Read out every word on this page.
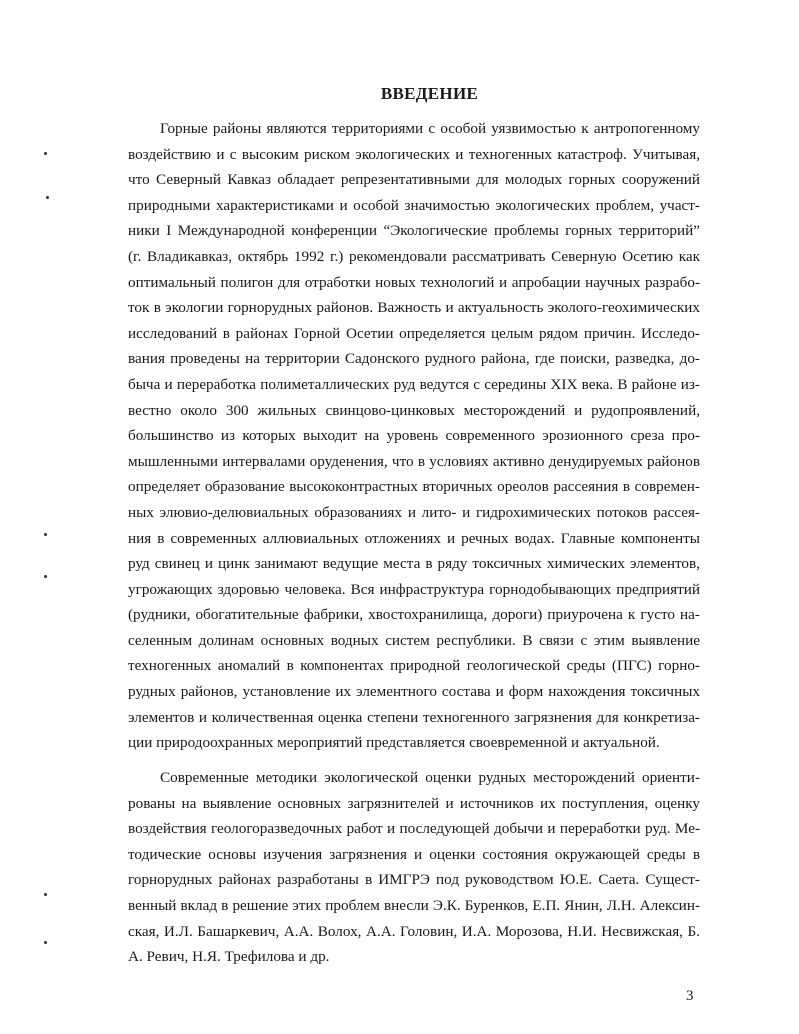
ВВЕДЕНИЕ
Горные районы являются территориями с особой уязвимостью к антропогенному
воздействию и с высоким риском экологических и техногенных катастроф. Учитывая,
что Северный Кавказ обладает репрезентативными для молодых горных сооружений
природными характеристиками и особой значимостью экологических проблем, участ-
ники I Международной конференции “Экологические проблемы горных территорий”
(г. Владикавказ, октябрь 1992 г.) рекомендовали рассматривать Северную Осетию как
оптимальный полигон для отработки новых технологий и апробации научных разрабо-
ток в экологии горнорудных районов. Важность и актуальность эколого-геохимических
исследований в районах Горной Осетии определяется целым рядом причин. Исследо-
вания проведены на территории Садонского рудного района, где поиски, разведка, до-
быча и переработка полиметаллических руд ведутся с середины XIX века. В районе из-
вестно около 300 жильных свинцово-цинковых месторождений и рудопроявлений,
большинство из которых выходит на уровень современного эрозионного среза про-
мышленными интервалами оруденения, что в условиях активно денудируемых районов
определяет образование высококонтрастных вторичных ореолов рассеяния в современ-
ных элювио-делювиальных образованиях и лито- и гидрохимических потоков рассея-
ния в современных аллювиальных отложениях и речных водах. Главные компоненты
руд свинец и цинк занимают ведущие места в ряду токсичных химических элементов,
угрожающих здоровью человека. Вся инфраструктура горнодобывающих предприятий
(рудники, обогатительные фабрики, хвостохранилища, дороги) приурочена к густо на-
селенным долинам основных водных систем республики. В связи с этим выявление
техногенных аномалий в компонентах природной геологической среды (ПГС) горно-
рудных районов, установление их элементного состава и форм нахождения токсичных
элементов и количественная оценка степени техногенного загрязнения для конкретиза-
ции природоохранных мероприятий представляется своевременной и актуальной.
Современные методики экологической оценки рудных месторождений ориенти-
рованы на выявление основных загрязнителей и источников их поступления, оценку
воздействия геологоразведочных работ и последующей добычи и переработки руд. Ме-
тодические основы изучения загрязнения и оценки состояния окружающей среды в
горнорудных районах разработаны в ИМГРЭ под руководством Ю.Е. Саета. Сущест-
венный вклад в решение этих проблем внесли Э.К. Буренков, Е.П. Янин, Л.Н. Алексин-
ская, И.Л. Башаркевич, А.А. Волох, А.А. Головин, И.А. Морозова, Н.И. Несвижская, Б.
А. Ревич, Н.Я. Трефилова и др.
3
